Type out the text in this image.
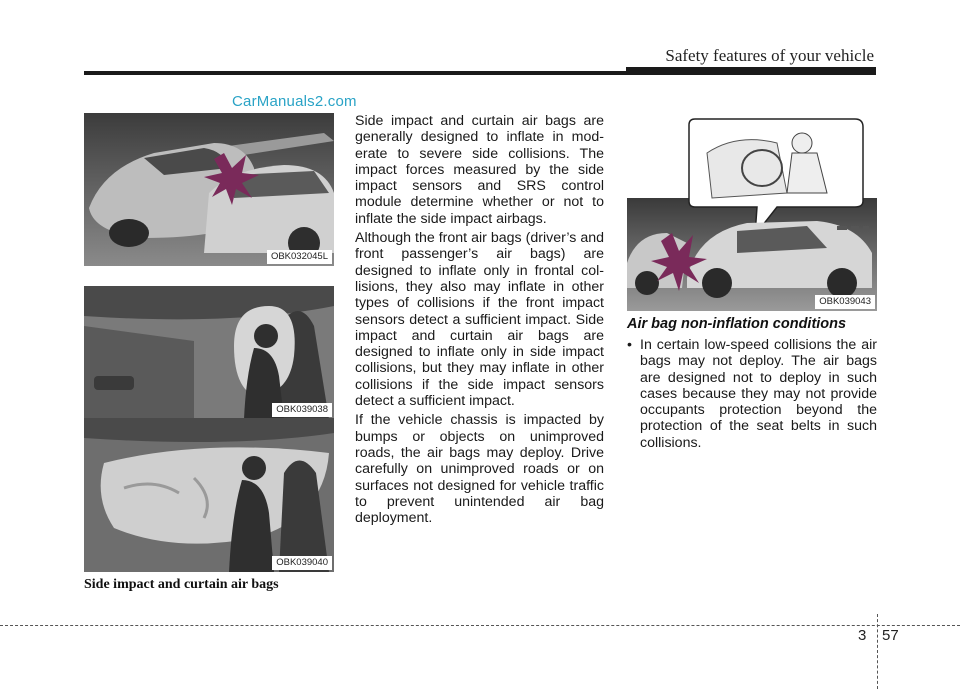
Safety features of your vehicle
CarManuals2.com
OBK032045L
OBK039038
OBK039040
OBK039043
Side impact and curtain air bags

Side impact and curtain air bags are generally designed to inflate in mod-erate to severe side collisions. The impact forces measured by the side impact sensors and SRS control module determine whether or not to inflate the side impact airbags.

Although the front air bags (driver’s and front passenger’s air bags) are designed to inflate only in frontal col-lisions, they also may inflate in other types of collisions if the front impact sensors detect a sufficient impact. Side impact and curtain air bags are designed to inflate only in side impact collisions, but they may inflate in other collisions if the side impact sensors detect a sufficient impact.

If the vehicle chassis is impacted by bumps or objects on unimproved roads, the air bags may deploy. Drive carefully on unimproved roads or on surfaces not designed for vehicle traffic to prevent unintended air bag deployment.

Air bag non-inflation conditions
• In certain low-speed collisions the air bags may not deploy. The air bags are designed not to deploy in such cases because they may not provide occupants protection beyond the protection of the seat belts in such collisions.
3 57
